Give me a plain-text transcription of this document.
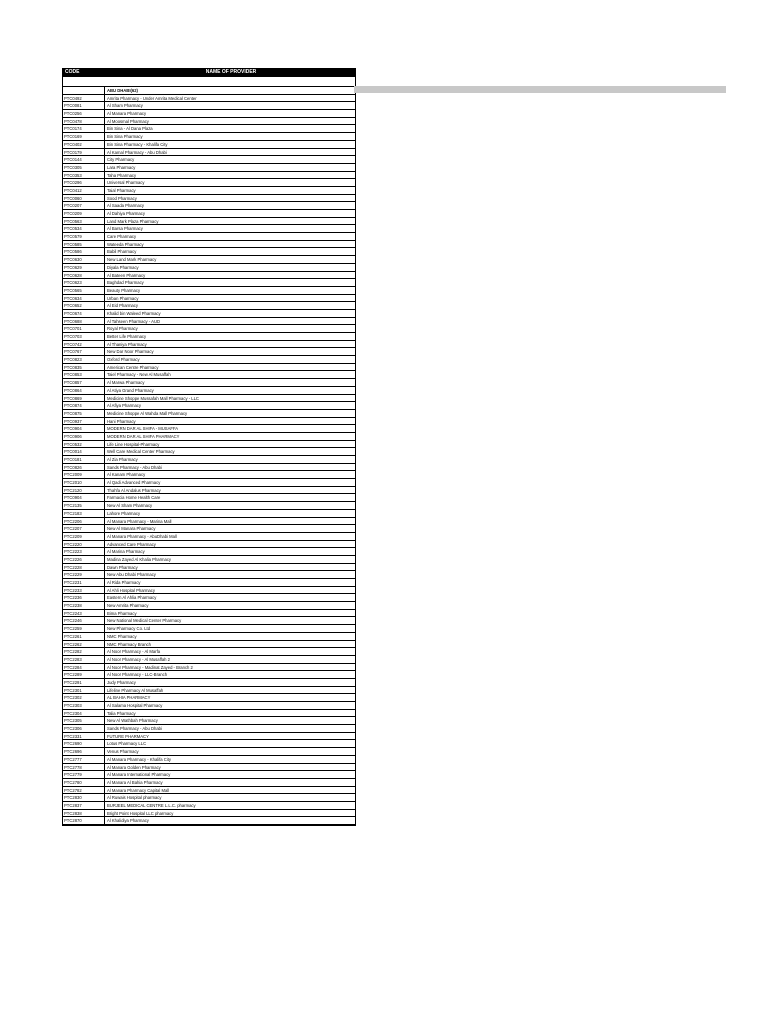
CODE	NAME OF PROVIDER
ABU DHABI(62)
PTC0492	Amrita Pharmacy - Under Amrita Medical Center
PTC0081	Al Sham Pharmacy
PTC0256	Al Manara Pharmacy
PTC0478	Al Moosmal Pharmacy
PTC0174	Bin Sina - Al Dana Plaza
PTC0169	Bin Sina Pharmacy
PTC0402	Bin Sina Pharmacy - Khalifa City
PTC0179	Al Kamal Pharmacy - Abu Dhabi
PTC0144	City Pharmacy
PTC0305	Lara Pharmacy
PTC0353	Taha Pharmacy
PTC0296	Universal Pharmacy
PTC0412	Taial Pharmacy
PTC0060	Sood Pharmacy
PTC0207	Al Saada Pharmacy
PTC0209	Al Dahiya Pharmacy
PTC0563	Land Mark Plaza Pharmacy
PTC0534	Al Barsa Pharmacy
PTC0579	Care Pharmacy
PTC0585	Wateeda Pharmacy
PTC0586	Babil Pharmacy
PTC0630	New Land Mark Pharmacy
PTC0629	Diyala Pharmacy
PTC0628	Al Bateen Pharmacy
PTC0623	Baghdad Pharmacy
PTC0565	Beauty Pharmacy
PTC0634	Urban Pharmacy
PTC0652	Al Eid Pharmacy
PTC0674	Khalid bin Waleed Pharmacy
PTC0688	Al Tahseen Pharmacy - AUD
PTC0701	Royal Pharmacy
PTC0703	Better Life Pharmacy
PTC0742	Al Thaniya Pharmacy
PTC0767	New Dar Noor Pharmacy
PTC0823	Oxford Pharmacy
PTC0835	American Centre Pharmacy
PTC0853	Taiel Pharmacy - New Al Musaffah
PTC0857	Al Marwa Pharmacy
PTC0864	Al Atiya Grand Pharmacy
PTC0869	Medicine Shoppe Mussafah Mall Pharmacy - LLC
PTC0874	Al Afiya Pharmacy
PTC0875	Medicine Shoppe Al Wahda Mall Pharmacy
PTC0937	Hani Pharmacy
PTC0904	MODERN DAR AL SHIFA - MUSAFFA
PTC0906	MODERN DAR AL SHIFA PHARMACY
PTC0532	Life Line Hospital-Pharmacy
PTC0014	Well Care Medical Center Pharmacy
PTC0181	Al Zia Pharmacy
PTC0826	Sands Pharmacy - Abu Dhabi
PTC2009	Al Kanam Pharmacy
PTC2010	Al Qadi Advanced Pharmacy
PTC2120	Thahfa Al Andalus Pharmacy
PTC0904	Farmacia Home Health Care
PTC2135	New Al Sham Pharmacy
PTC2183	Lahore Pharmacy
PTC2206	Al Manara Pharmacy - Marina Mall
PTC2207	New Al Manara Pharmacy
PTC2209	Al Manara Pharmacy - AbuDhabi Mall
PTC2220	Advanced Care Pharmacy
PTC2223	Al Marina Pharmacy
PTC2226	Madina Zayed Al Khalia Pharmacy
PTC2228	Dawn Pharmacy
PTC2229	New Abu Dhabi Pharmacy
PTC2231	Al Rida Pharmacy
PTC2233	Al Ahli Hospital Pharmacy
PTC2236	Eastern Al Ahlia Pharmacy
PTC2238	New Amrita Pharmacy
PTC2243	Bima Pharmacy
PTC2246	New National Medical Center Pharmacy
PTC2259	New Pharmacy Co. Ltd
PTC2261	NMC Pharmacy
PTC2262	NMC Pharmacy Branch
PTC2282	Al Noor Pharmacy - Al Marfa
PTC2283	Al Noor Pharmacy - Al Musaffah 2
PTC2284	Al Noor Pharmacy - Madinat Zayed - Branch 2
PTC2289	Al Noor Pharmacy - LLC-Branch
PTC2291	Judy Pharmacy
PTC2301	Lifeline Pharmacy Al Musaffah
PTC2302	AL BAHIA PHARMACY
PTC2303	Al Salama Hospital Pharmacy
PTC2304	Talia Pharmacy
PTC2305	New Al Wathbah Pharmacy
PTC2306	Sands Pharmacy - Abu Dhabi
PTC2331	FUTURE PHARMACY
PTC2690	Lotus Pharmacy LLC
PTC2696	Venus Pharmacy
PTC2777	Al Manara Pharmacy - Khalifa City
PTC2778	Al Manara Golden Pharmacy
PTC2779	Al Manara International Pharmacy
PTC2780	Al Manara Al Bahia Pharmacy
PTC2782	Al Manara Pharmacy Capital Mall
PTC2830	Al Ruwais Hospital pharmacy
PTC2837	BURJEEL MEDICAL CENTRE L.L.C. pharmacy
PTC2838	Bright Point Hospital LLC pharmacy
PTC2870	Al Khalidiya Pharmacy
